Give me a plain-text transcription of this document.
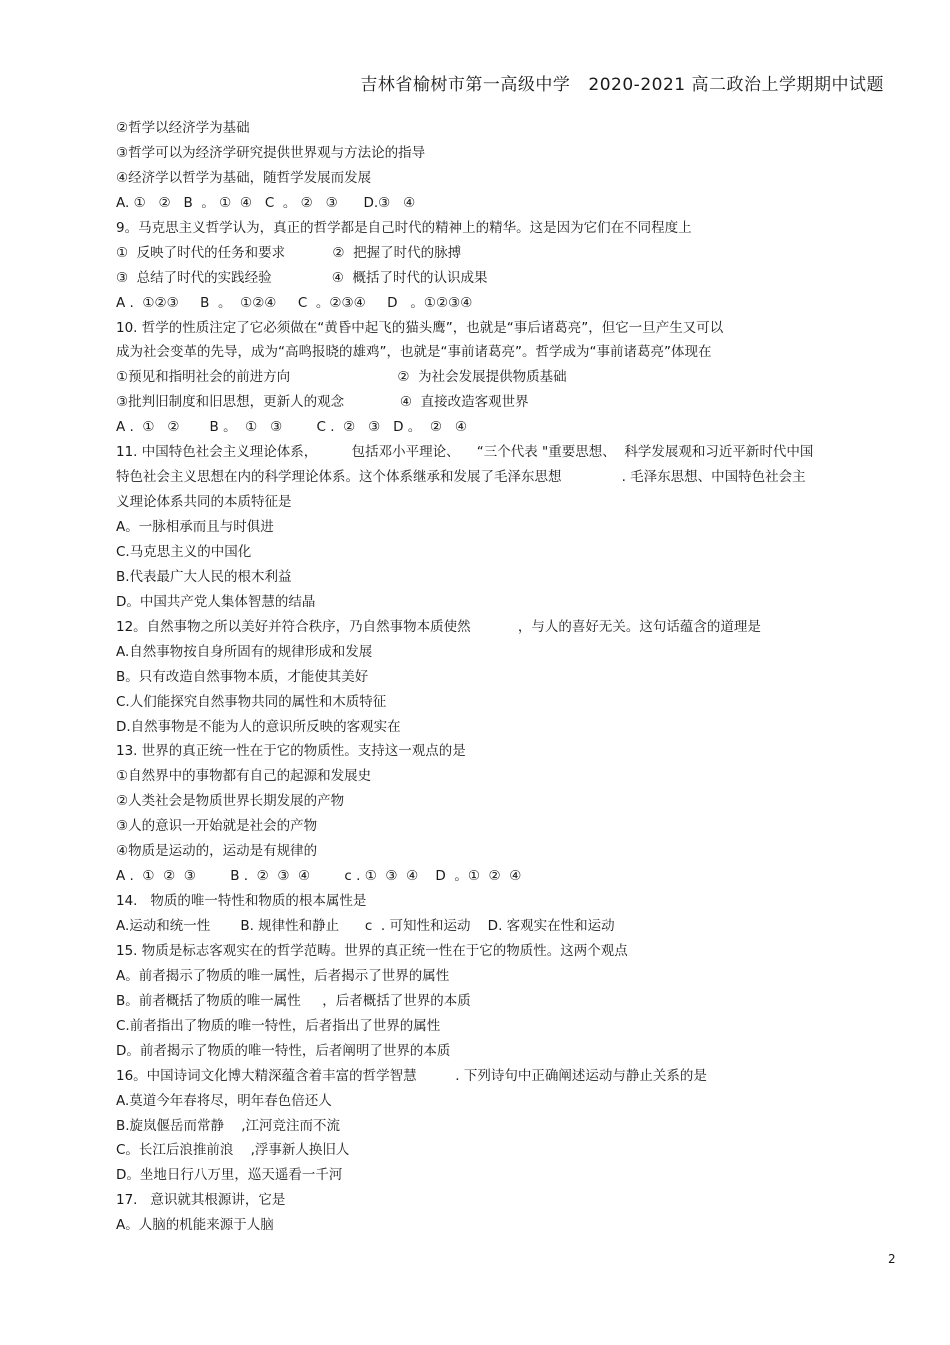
吉林省榆树市第一高级中学 2020-2021 高二政治上学期期中试题
②哲学以经济学为基础
③哲学可以为经济学研究提供世界观与方法论的指导
④经济学以哲学为基础，随哲学发展而发展
A. ①   ②   B  。 ①  ④   C  。 ②   ③      D.③   ④
9。马克思主义哲学认为，真正的哲学都是自己时代的精神上的精华。这是因为它们在不同程度上
①  反映了时代的任务和要求           ②  把握了时代的脉搏
③  总结了时代的实践经验              ④  概括了时代的认识成果
A .  ①②③     B  。  ①②④     C  。②③④     D   。①②③④
10. 哲学的性质注定了它必须做在“黄昏中起飞的猫头鹰”，也就是“事后诸葛亮”，但它一旦产生又可以
成为社会变革的先导，成为“高鸣报晓的雄鸡”，也就是“事前诸葛亮”。哲学成为“事前诸葛亮”体现在
①预见和指明社会的前进方向                         ②  为社会发展提供物质基础
③批判旧制度和旧思想，更新人的观念             ④  直接改造客观世界
A .  ①   ②       B 。  ①   ③        C .  ②   ③   D 。  ②   ④
11. 中国特色社会主义理论体系，        包括邓小平理论、    “三个代表 "重要思想、  科学发展观和习近平新时代中国
特色社会主义思想在内的科学理论体系。这个体系继承和发展了毛泽东思想              . 毛泽东思想、中国特色社会主
义理论体系共同的本质特征是
A。一脉相承而且与时俱进
C.马克思主义的中国化
B.代表最广大人民的根木利益
D。中国共产党人集体智慧的结晶
12。自然事物之所以美好并符合秩序，乃自然事物本质使然           ，与人的喜好无关。这句话蕴含的道理是
A.自然事物按自身所固有的规律形成和发展
B。只有改造自然事物本质，才能使其美好
C.人们能探究自然事物共同的属性和木质特征
D.自然事物是不能为人的意识所反映的客观实在
13. 世界的真正统一性在于它的物质性。支持这一观点的是
①自然界中的事物都有自己的起源和发展史
②人类社会是物质世界长期发展的产物
③人的意识一开始就是社会的产物
④物质是运动的，运动是有规律的
A .  ①  ②  ③        B .  ②  ③  ④        c . ①  ③  ④    D  。①  ②  ④
14.   物质的唯一特性和物质的根本属性是
A.运动和统一性       B. 规律性和静止      c  . 可知性和运动    D. 客观实在性和运动
15. 物质是标志客观实在的哲学范畴。世界的真正统一性在于它的物质性。这两个观点
A。前者揭示了物质的唯一属性，后者揭示了世界的属性
B。前者概括了物质的唯一属性     ，后者概括了世界的本质
C.前者指出了物质的唯一特性，后者指出了世界的属性
D。前者揭示了物质的唯一特性，后者阐明了世界的本质
16。中国诗词文化博大精深蕴含着丰富的哲学智慧         . 下列诗句中正确阐述运动与静止关系的是
A.莫道今年春将尽，明年春色倍还人
B.旋岚偃岳而常静    ,江河竞注而不流
C。长江后浪推前浪    ,浮事新人换旧人
D。坐地日行八万里，巡天遥看一千河
17.   意识就其根源讲，它是
A。人脑的机能来源于人脑
2
